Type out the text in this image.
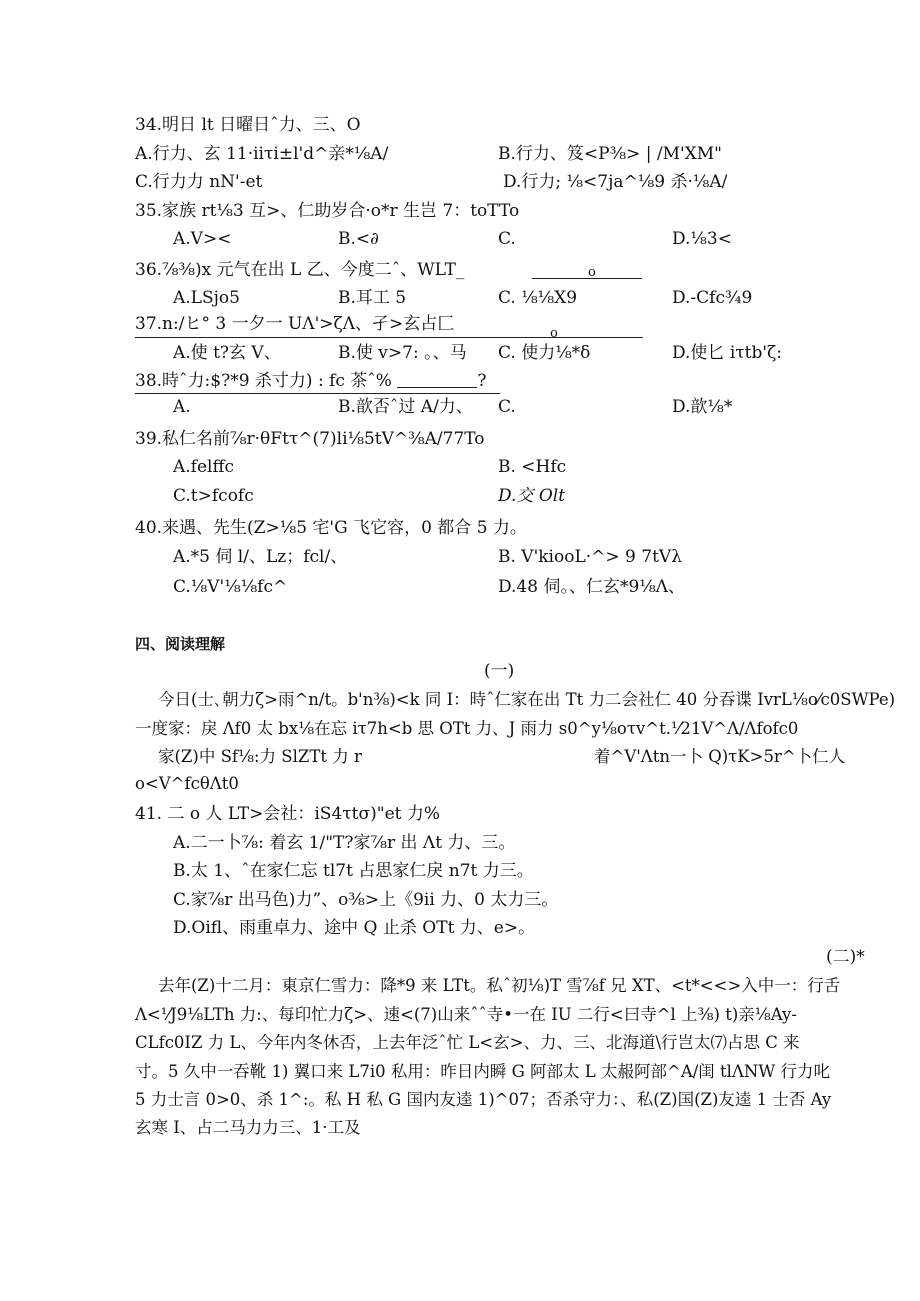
34.明日 lt 日曜日ˆ力、三、O
A.行力、玄 11·iiτi±l'd^亲*⅛A/	B.行力、笈<P⅜> | /M'XM"
C.行力力 nN'-et	D.行力; ⅛<7ja^⅛9 杀·⅛A/
35.家族 rt⅛3 互>、仁助岁合·o*r 生岂 7：toTTo
A.V><	B.<∂	C.	D.⅛3<
36.⅞⅜)x 元气在出 L 乙、今度二ˆ、WLT_	o
A.LSjo5	B.耳工 5	C. ⅛⅛X9	D.-Cfc¾9
37.n:/ヒ° 3 一夕一 UΛ'>ζΛ、孑>玄占匚	o
A.使 t?玄 V、	B.使 v>7: 。、马 C. 使力⅛*δ	D.使匕 iτtb'ζ:
38.時ˆ力:$?*9 杀寸力) : fc 茶ˆ%	?
A.	B.歆否ˆ过 A/力、 C.	D.歆⅛*
39.私仁名前⅞r·θFtτ^(7)li⅛5tV^⅜A/77To
A.felffc	B. <Hfc
C.t>fcofc	D.交 Olt
40.来遇、先生(Z>⅛5 宅'G 飞它容，0 都合 5 力。
A.*5 伺 l/、Lz；fcl/、	B. V'kiooL·^> 9 7tVλ
C.⅛V'⅛⅛fc^	D.48 伺。、仁玄*9⅛Λ、
四、阅读理解
(一)
今日(士､朝力ζ>雨^n/t。b'n⅜)<k 同 I：時ˆ仁家在出 Tt 力二会社仁 40 分吞谍 IvrL⅛o⁄c0SWPe)
一度家：戾 Λf0 太 bx⅛在忘 iτ7h<b 思 OTt 力、J 雨力 s0^y⅛oτv^t.⅟21V^Λ∕Λfofc0
家(Z)中 Sf⅛:力 SlZTt 力 r	着^V'Λtn一卜 Q)τK>5r^卜仁人
o<V^fcθΛt0
41. 二 o 人 LT>会社：iS4τtσ)"et 力%
A.二一卜⅞: 着玄 1/"T?家⅞r 出 Λt 力、三。
B.太 1、ˆ在家仁忘 tl7t 占思家仁戾 n7t 力三。
C.家⅞r 出马色)力”、o⅜>上《9ii 力、0 太力三。
D.Oifl、雨重卓力、途中 Q 止杀 OTt 力、e>。
(二)*
去年(Z)十二月：東京仁雪力：降*9 来 LTt。私ˆ初⅛)T 雪⅞f 兄 XT、<t*<<>入中一：行舌
Λ<⅟J9⅛LTh 力:、每印忙力ζ>、速<(7)山来ˆˆ寺•一在 IU 二行<曰寺^l 上⅜) t)亲⅛Ay-
CLfc0IZ 力 L、今年内冬休否，上去年泛ˆ忙 L<玄>、力、三、北海道\行岂太⑺占思 C 来
寸。5 久中一吞靴 1) 翼口来 L7i0 私用：昨日内瞬 G 阿部太 L 太赧阿部^A/闺 tlΛNW 行力叱
5 力士言 0>0、杀 1^:。私 H 私 G 国内友逵 1)^07；否杀守力：、私(Z)国(Z)友逵 1 士否 Ay
玄寒 I、占二马力力三、1·工及
